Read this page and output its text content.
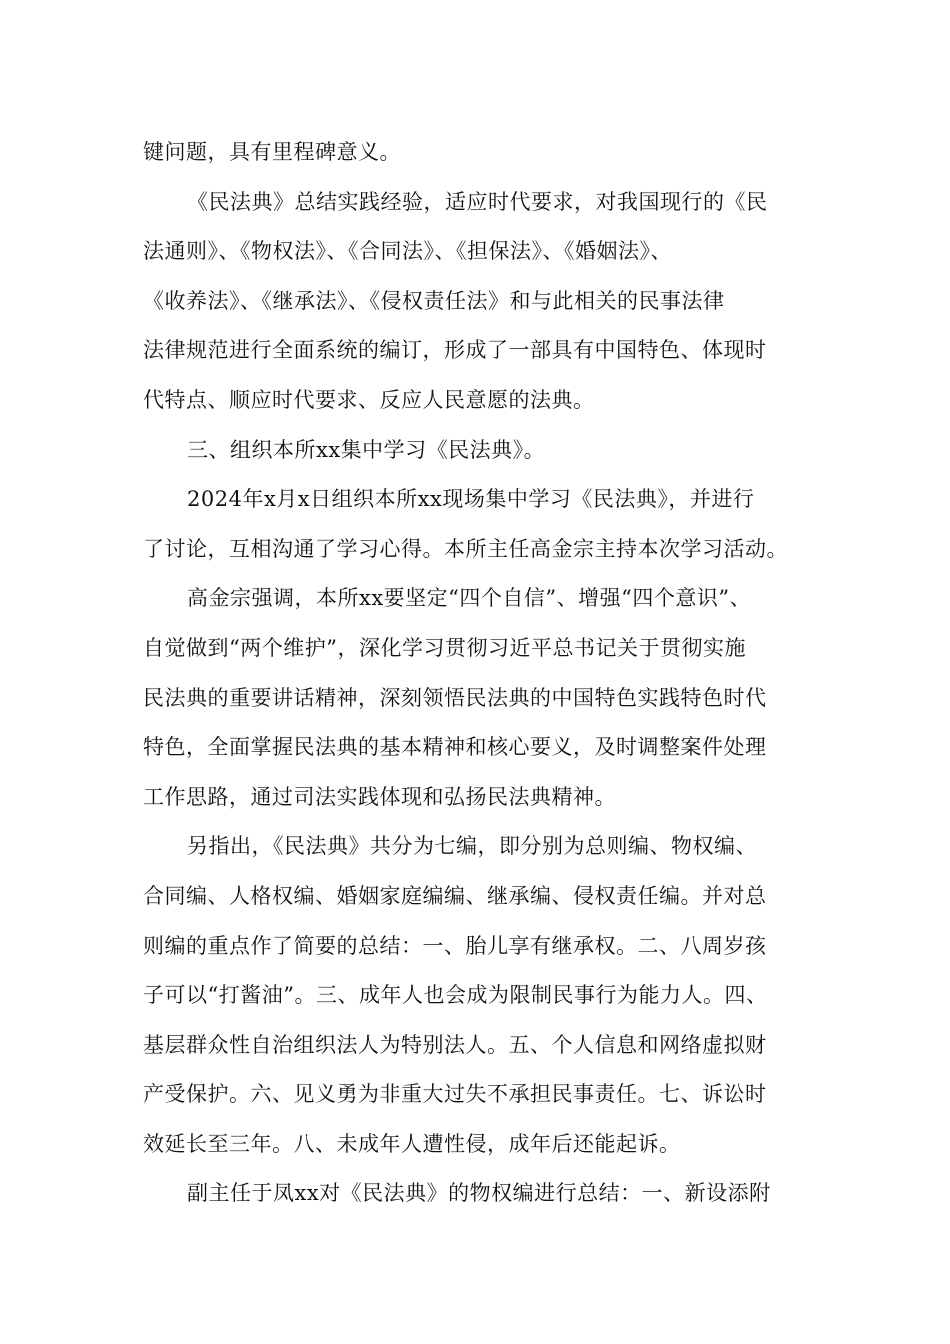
键问题，具有里程碑意义。
《民法典》总结实践经验，适应时代要求，对我国现行的《民
法通则》、《物权法》、《合同法》、《担保法》、《婚姻法》、
《收养法》、《继承法》、《侵权责任法》和与此相关的民事法律
法律规范进行全面系统的编订，形成了一部具有中国特色、体现时
代特点、顺应时代要求、反应人民意愿的法典。
三、组织本所xx集中学习《民法典》。
2024年x月x日组织本所xx现场集中学习《民法典》，并进行
了讨论，互相沟通了学习心得。本所主任高金宗主持本次学习活动。
高金宗强调，本所xx要坚定“四个自信”、增强“四个意识”、
自觉做到“两个维护”，深化学习贯彻习近平总书记关于贯彻实施
民法典的重要讲话精神，深刻领悟民法典的中国特色实践特色时代
特色，全面掌握民法典的基本精神和核心要义，及时调整案件处理
工作思路，通过司法实践体现和弘扬民法典精神。
另指出，《民法典》共分为七编，即分别为总则编、物权编、
合同编、人格权编、婚姻家庭编编、继承编、侵权责任编。并对总
则编的重点作了简要的总结：一、胎儿享有继承权。二、八周岁孩
子可以“打酱油”。三、成年人也会成为限制民事行为能力人。四、
基层群众性自治组织法人为特别法人。五、个人信息和网络虚拟财
产受保护。六、见义勇为非重大过失不承担民事责任。七、诉讼时
效延长至三年。八、未成年人遭性侵，成年后还能起诉。
副主任于凤xx对《民法典》的物权编进行总结：一、新设添附
